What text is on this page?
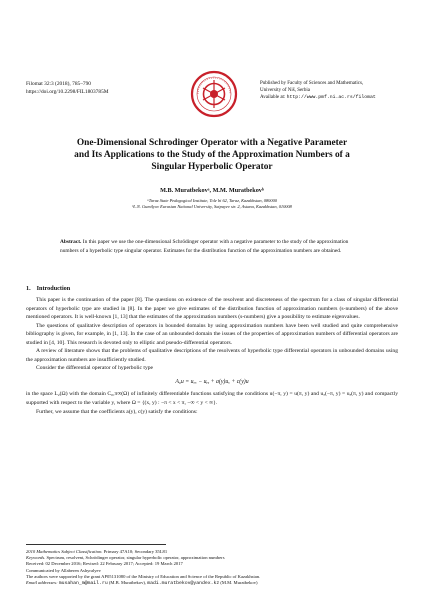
Filomat 32:3 (2018), 785–790
https://doi.org/10.2298/FIL1803785M
Published by Faculty of Sciences and Mathematics,
University of Niš, Serbia
Available at: http://www.pmf.ni.ac.rs/filomat
One-Dimensional Schrodinger Operator with a Negative Parameter
and Its Applications to the Study of the Approximation Numbers of a
Singular Hyperbolic Operator
M.B. Muratbekovᵃ, M.M. Muratbekovᵇ
ᵃTaraz State Pedagogical Institute, Tole bi 62, Taraz, Kazakhstan, 080000
ᵇL.N. Gumilyov Eurasian National University, Satpayev str. 2, Astana, Kazakhstan, 010008

Abstract. In this paper we use the one-dimensional Schrödinger operator with a negative parameter to the study of the approximation numbers of a hyperbolic type singular operator. Estimates for the distribution function of the approximation numbers are obtained.

1. Introduction

This paper is the continuation of the paper [8]. The questions on existence of the resolvent and discreteness of the spectrum for a class of singular differential operators of hyperbolic type are studied in [8]. In the paper we give estimates of the distribution function of approximation numbers (s-numbers) of the above mentioned operators. It is well-known [1, 13] that the estimates of the approximation numbers (s-numbers) give a possibility to estimate eigenvalues.

The questions of qualitative description of operators in bounded domains by using approximation numbers have been well studied and quite comprehensive bibliography is given, for example, in [1, 13]. In the case of an unbounded domain the issues of the properties of approximation numbers of differential operators are studied in [4, 10]. This research is devoted only to elliptic and pseudo-differential operators.

A review of literature shows that the problems of qualitative descriptions of the resolvents of hyperbolic type differential operators in unbounded domains using the approximation numbers are insufficiently studied.

Consider the differential operator of hyperbolic type

A₀u = uₓₓ − uᵧᵧ + a(y)uₓ + c(y)u

in the space L₂(Ω) with the domain C₀,π∞(Ω) of infinitely differentiable functions satisfying the conditions u(−π, y) = u(π, y) and uₓ(−π, y) = uₓ(π, y) and compactly supported with respect to the variable y, where Ω = {(x, y) : −π < x < π, −∞ < y < ∞}.

Further, we assume that the coefficients a(y), c(y) satisfy the conditions:

2010 Mathematics Subject Classification. Primary 47A10; Secondary 35L81
Keywords. Spectrum, resolvent, Schrödinger operator, singular hyperbolic operator, approximation numbers
Received: 02 December 2016; Revised: 22 February 2017; Accepted: 19 March 2017
Communicated by Allaberen Ashyralyev
The authors were supported by the grant AP05131080 of the Ministry of Education and Science of the Republic of Kazakhstan.
Email addresses: musahan_m@mail.ru (M.B. Muratbekov), madi.muratbekov@yandex.kz (M.M. Muratbekov)
